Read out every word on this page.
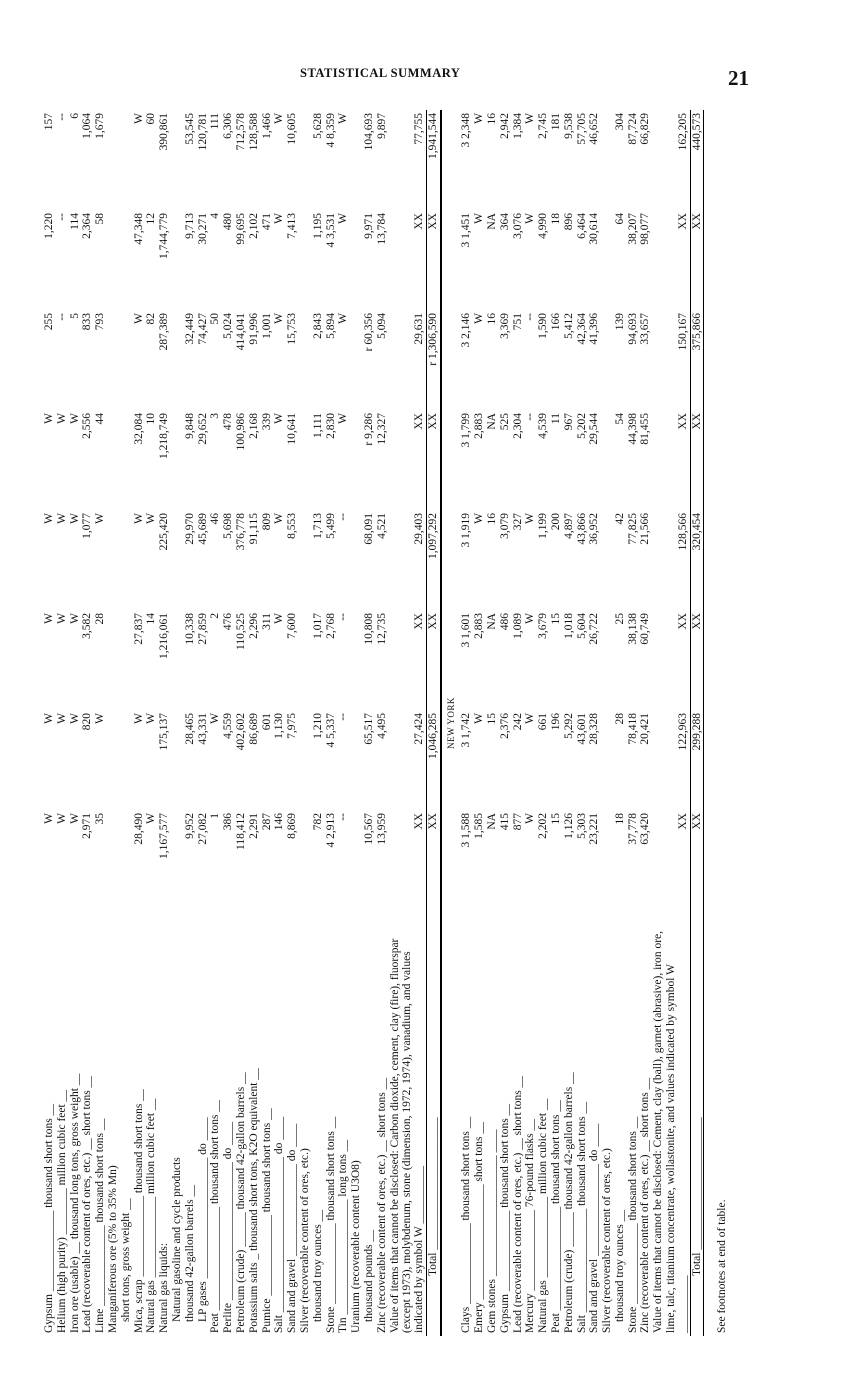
STATISTICAL SUMMARY	21
Gypsum ______________ thousand short tons __	W	W	W	W	W	255	1,220	157
Helium (high purity) ________ million cubic feet __	W	W	W	W	W	--	--	--
Iron ore (usable) __ thousand long tons, gross weight __	W	W	W	W	W	5	114	6
Lead (recoverable content of ores, etc.) __ short tons __	2,971	820	3,582	1,077	2,556	833	2,364	1,064
Lime ______________ thousand short tons __	35	W	28	W	44	793	58	1,679
Manganiferous ore (5% to 35% Mn)								
short tons, gross weight __								
Mica, scrap ______________ thousand short tons __	28,490	W	27,837	W	32,084	W	47,348	W
Natural gas ______________ million cubic feet __	W	W	14	W	10	82	12	60
Natural gas liquids:	1,167,577	175,137	1,216,061	225,420	1,218,749	287,389	1,744,779	390,861
Natural gasoline and cycle products								
thousand 42-gallon barrels __	9,952	28,465	10,338	29,970	9,848	32,449	9,713	53,545
LP gases _____________________ do ____	27,082	43,331	27,859	45,689	29,652	74,427	30,271	120,781
Peat __________________ thousand short tons __	1	W	2	46	3	50	4	111
Perlite ________________________ do ____	386	4,559	476	5,698	478	5,024	480	6,306
Petroleum (crude) ______ thousand 42-gallon barrels __	118,412	402,602	110,525	376,778	100,986	414,041	99,695	712,578
Potassium salts _ thousand short tons, K2O equivalent __	2,291	86,689	2,296	91,115	2,168	91,996	2,102	128,588
Pumice ______________ thousand short tons __	287	601	311	809	339	1,001	471	1,466
Salt ___________________________ do ____	146	1,130	W	W	W	W	W	W
Sand and gravel ________________ do ____	8,869	7,975	7,600	8,553	10,641	15,753	7,413	10,605
Silver (recoverable content of ores, etc.)								
thousand troy ounces __	782	1,210	1,017	1,713	1,111	2,843	1,195	5,628
Stone ______________ thousand short tons __	4 2,913	4 5,337	2,768	5,499	2,830	5,894	4 3,531	4 8,359
Tin ____________________ long tons __	--	--	--	--	W	W	W	W
Uranium (recoverable content U3O8)								
thousand pounds __	10,567	65,517	10,808	68,091	r 9,286	r 60,356	9,971	104,693
Zinc (recoverable content of ores, etc.) __ short tons __	13,959	4,495	12,735	4,521	12,327	5,094	13,784	9,897
Value of items that cannot be disclosed: Carbon dioxide, cement, clay (fire), fluorspar (except 1973), molybdenum, stone (dimension, 1972, 1974), vanadium, and values indicated by symbol W __________	XX	27,424	XX	29,403	XX	29,631	XX	77,755
Total _______________________	XX	1,046,285	XX	1,097,292	XX	r 1,306,590	XX	1,941,544
NEW YORK								
Clays ______________ thousand short tons __	3 1,588	3 1,742	3 1,601	3 1,919	3 1,799	3 2,146	3 1,451	3 2,348
Emery ____________________ short tons __	1,585	W	2,883	W	2,883	W	W	W
Gem stones _____________________ ____	NA	15	NA	16	NA	16	NA	16
Gypsum ______________ thousand short tons __	415	2,376	486	3,079	525	3,369	364	2,942
Lead (recoverable content of ores, etc.) __ short tons __	877	242	1,089	327	2,304	751	3,076	1,384
Mercury ______________ 76-pound flasks __	W	W	W	W	--	--	W	W
Natural gas ______________ million cubic feet __	2,202	661	3,679	1,199	4,539	1,590	4,990	2,745
Peat __________________ thousand short tons __	15	196	15	200	11	166	18	181
Petroleum (crude) ______ thousand 42-gallon barrels __	1,126	5,292	1,018	4,897	967	5,412	896	9,538
Salt __________________ thousand short tons __	5,303	43,601	5,604	43,866	5,202	42,364	6,464	57,705
Sand and gravel ________________ do ____	23,221	28,328	26,722	36,952	29,544	41,396	30,614	46,652
Silver (recoverable content of ores, etc.)								
thousand troy ounces __	18	28	25	42	54	139	64	304
Stone ______________ thousand short tons __	37,778	78,418	38,138	77,825	44,398	94,693	38,207	87,724
Zinc (recoverable content of ores, etc.) __ short tons __	63,420	20,421	60,749	21,566	81,455	33,657	98,077	66,829
Value of items that cannot be disclosed: Cement, clay (ball), garnet (abrasive), iron ore, lime, talc, titanium concentrate, wollastonite, and values indicated by symbol W __________	XX	122,963	XX	128,566	XX	150,167	XX	162,205
Total _______________________	XX	299,288	XX	320,454	XX	375,866	XX	440,573
See footnotes at end of table.
